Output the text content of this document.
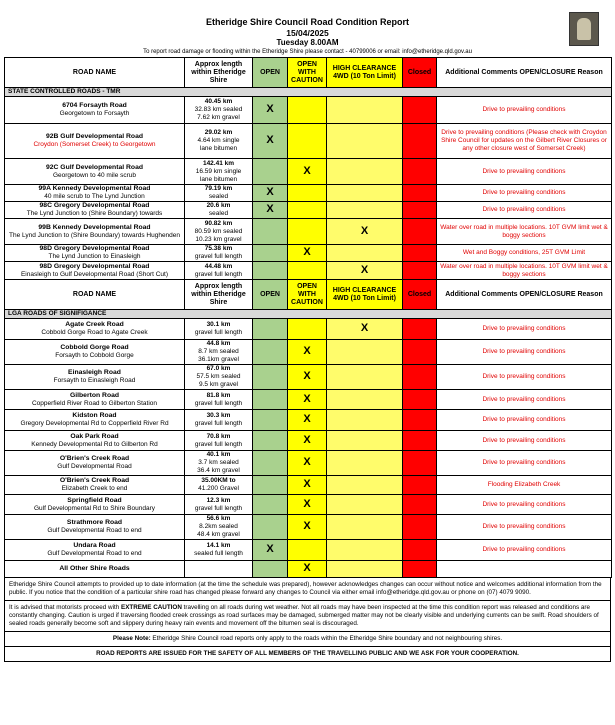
Etheridge Shire Council Road Condition Report
15/04/2025
Tuesday 8.00AM
To report road damage or flooding within the Etheridge Shire please contact - 40799006 or email: info@etheridge.qld.gov.au
ROAD NAME	Approx length within Etheridge Shire	OPEN	OPEN WITH CAUTION	HIGH CLEARANCE 4WD (10 Ton Limit)	Closed	Additional Comments OPEN/CLOSURE Reason
STATE CONTROLLED ROADS - TMR						
6704 Forsayth Road
Georgetown to Forsayth	40.45 km
32.83 km sealed
7.62 km gravel	X				Drive to prevailing conditions
92B Gulf Developmental Road
Croydon (Somerset Creek) to Georgetown	29.02 km
4.64 km single
lane bitumen	X				Drive to prevailing conditions (Please check with Croydon Shire Council for updates on the Gilbert River Closures or any other closure west of Somerset Creek)
92C Gulf Developmental Road
Georgetown to 40 mile scrub	142.41 km
16.59 km single
lane bitumen		X			Drive to prevailing conditions
99A Kennedy Developmental Road
40 mile scrub to The Lynd Junction	79.19 km
sealed	X				Drive to prevailing conditions
98C Gregory Developmental Road
The Lynd Junction to (Shire Boundary) towards	20.6 km
sealed	X				Drive to prevailing conditions
99B Kennedy Developmental Road
The Lynd Junction to (Shire Boundary) towards Hughenden	90.82 km
80.59 km sealed
10.23 km gravel			X		Water over road in multiple locations. 10T GVM limit wet & boggy sections
98D Gregory Developmental Road
The Lynd Junction to Einasleigh	75.38 km
gravel full length		X			Wet and Boggy conditions, 25T GVM Limit
98D Gregory Developmental Road
Einasleigh to Gulf Developmental Road (Short Cut)	44.48 km
gravel full length			X		Water over road in multiple locations. 10T GVM limit wet & boggy sections
ROAD NAME	Approx length within Etheridge Shire	OPEN	OPEN WITH CAUTION	HIGH CLEARANCE 4WD (10 Ton Limit)	Closed	Additional Comments OPEN/CLOSURE Reason
LGA ROADS OF SIGNIFIGANCE						
Agate Creek Road
Cobbold Gorge Road to Agate Creek	30.1 km
gravel full length			X		Drive to prevailing conditions
Cobbold Gorge Road
Forsayth to Cobbold Gorge	44.8 km
8.7 km sealed
36.1km gravel		X			Drive to prevailing conditions
Einasleigh Road
Forsayth to Einasleigh Road	67.0 km
57.5 km sealed
9.5 km gravel		X			Drive to prevailing conditions
Gilberton Road
Copperfield River Road to Gilberton Station	81.8 km
gravel full length		X			Drive to prevailing conditions
Kidston Road
Gregory Developmental Rd to Copperfield River Rd	30.3 km
gravel full length		X			Drive to prevailing conditions
Oak Park Road
Kennedy Developmental Rd to Gilberton Rd	70.8 km
gravel full length		X			Drive to prevailing conditions
O'Brien's Creek Road
Gulf Developmental Road	40.1 km
3.7 km sealed
36.4 km gravel		X			Drive to prevailing conditions
O'Brien's Creek Road
Elizabeth Creek to end	35.00KM to
41.200 Gravel		X			Flooding Elizabeth Creek
Springfield Road
Gulf Developmental Rd to Shire Boundary	12.3 km
gravel full length		X			Drive to prevailing conditions
Strathmore Road
Gulf Developmental Road to end	56.6 km
8.2km sealed
48.4 km gravel		X			Drive to prevailing conditions
Undara Road
Gulf Developmental Road to end	14.1 km
sealed full length	X				Drive to prevailing conditions
All Other Shire Roads			X			
Etheridge Shire Council attempts to provided up to date information (at the time the schedule was prepared), however acknowledges changes can occur without notice and welcomes additional information from the public. If you notice that the condition of a particular shire road has changed please forward any changes to Council via either email info@etheridge.qld.gov.au or phone on (07) 4079 9090.
It is advised that motorists proceed with EXTREME CAUTION travelling on all roads during wet weather. Not all roads may have been inspected at the time this condition report was released and conditions are constantly changing. Caution is urged if traversing flooded creek crossings as road surfaces may be damaged, submerged matter may not be clearly visible and underlying currents can be swift. Road shoulders of sealed roads generally become soft and slippery during heavy rain events and movement off the bitumen seal is discouraged.
Please Note: Etheridge Shire Council road reports only apply to the roads within the Etheridge Shire boundary and not neighbouring shires.
ROAD REPORTS ARE ISSUED FOR THE SAFETY OF ALL MEMBERS OF THE TRAVELLING PUBLIC AND WE ASK FOR YOUR COOPERATION.
